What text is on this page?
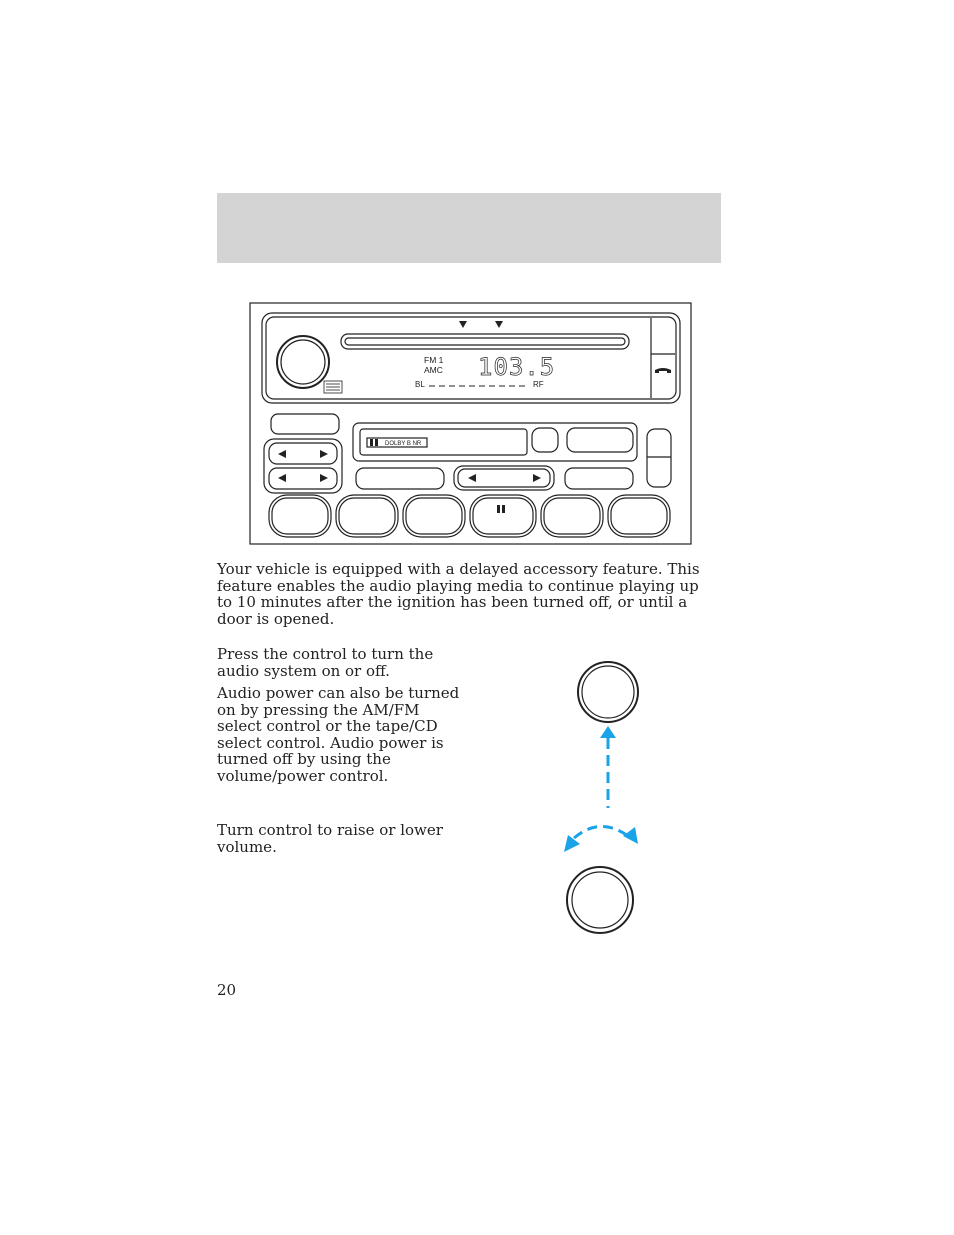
FM 1
AMC 103.5
BL	RF
DOLBY B NR

Your vehicle is equipped with a delayed accessory feature. This feature enables the audio playing media to continue playing up to 10 minutes after the ignition has been turned off, or until a door is opened.

Press the control to turn the audio system on or off.

Audio power can also be turned on by pressing the AM/FM select control or the tape/CD select control. Audio power is turned off by using the volume/power control.

Turn control to raise or lower volume.

20
